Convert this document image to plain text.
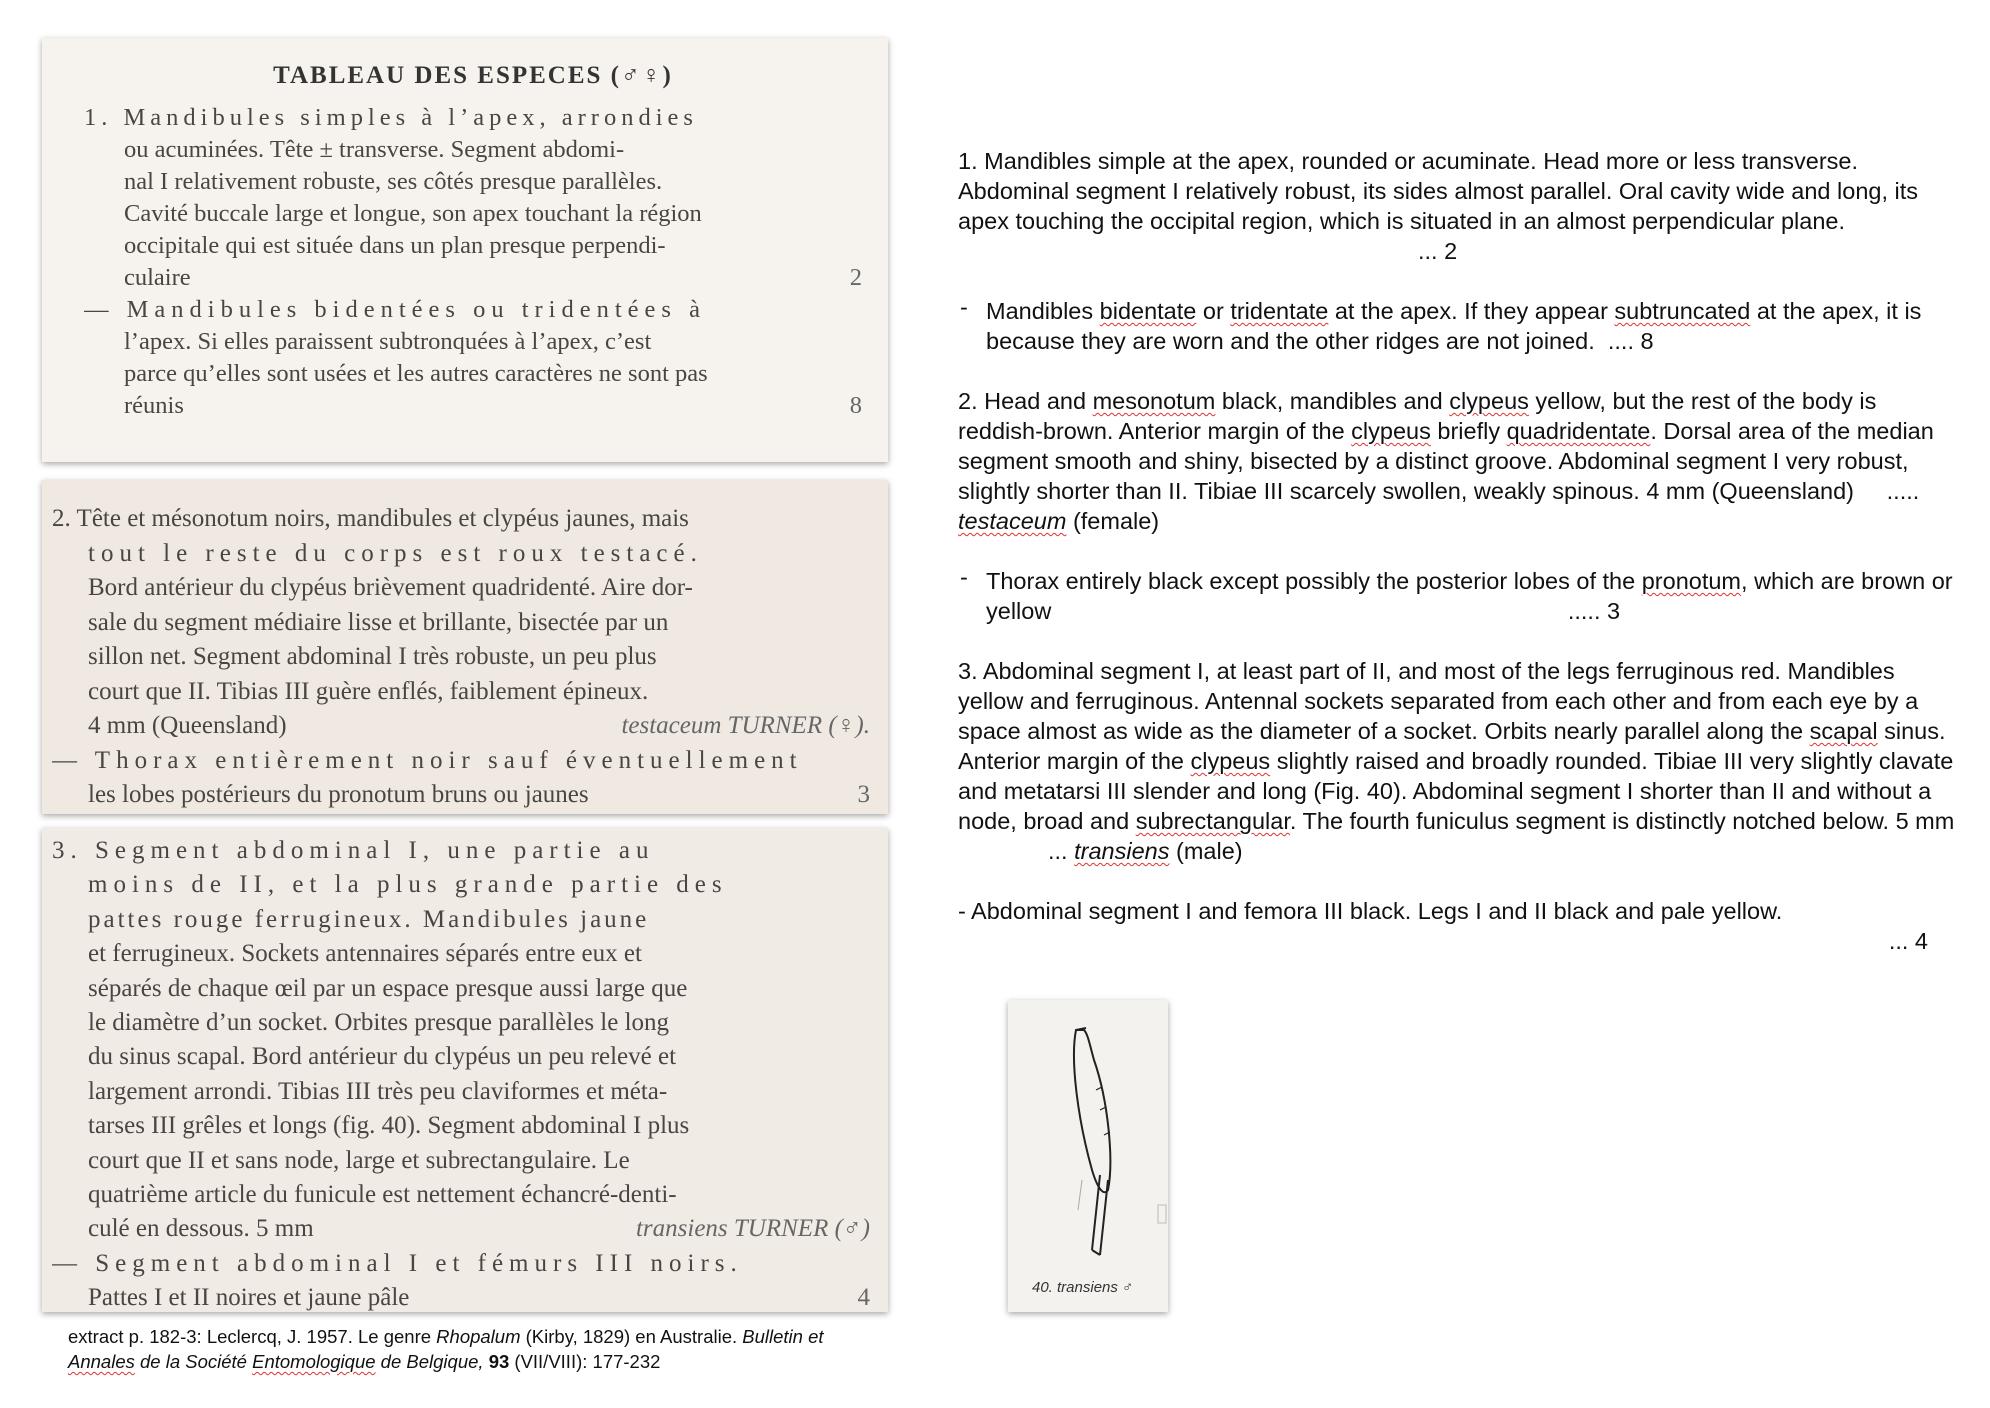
TABLEAU DES ESPECES (♂♀)
1. Mandibules simples à l’apex, arrondies
ou acuminées. Tête ± transverse. Segment abdomi-
nal I relativement robuste, ses côtés presque parallèles.
Cavité buccale large et longue, son apex touchant la région
occipitale qui est située dans un plan presque perpendi-
culaire	2
— Mandibules bidentées ou tridentées à
l’apex. Si elles paraissent subtronquées à l’apex, c’est
parce qu’elles sont usées et les autres caractères ne sont pas
réunis	8
2. Tête et mésonotum noirs, mandibules et clypéus jaunes, mais
tout le reste du corps est roux testacé.
Bord antérieur du clypéus brièvement quadridenté. Aire dor-
sale du segment médiaire lisse et brillante, bisectée par un
sillon net. Segment abdominal I très robuste, un peu plus
court que II. Tibias III guère enflés, faiblement épineux.
4 mm (Queensland)	testaceum TURNER (♀).
— Thorax entièrement noir sauf éventuellement
les lobes postérieurs du pronotum bruns ou jaunes	3
3. Segment abdominal I, une partie au
moins de II, et la plus grande partie des
pattes rouge ferrugineux. Mandibules jaune
et ferrugineux. Sockets antennaires séparés entre eux et
séparés de chaque œil par un espace presque aussi large que
le diamètre d’un socket. Orbites presque parallèles le long
du sinus scapal. Bord antérieur du clypéus un peu relevé et
largement arrondi. Tibias III très peu claviformes et méta-
tarses III grêles et longs (fig. 40). Segment abdominal I plus
court que II et sans node, large et subrectangulaire. Le
quatrième article du funicule est nettement échancré-denti-
culé en dessous. 5 mm	transiens TURNER (♂)
— Segment abdominal I et fémurs III noirs.
Pattes I et II noires et jaune pâle	4
extract p. 182-3: Leclercq, J. 1957. Le genre Rhopalum (Kirby, 1829) en Australie. Bulletin et
Annales de la Société Entomologique de Belgique, 93 (VII/VIII): 177-232

1. Mandibles simple at the apex, rounded or acuminate. Head more or less transverse. Abdominal segment I relatively robust, its sides almost parallel. Oral cavity wide and long, its apex touching the occipital region, which is situated in an almost perpendicular plane. ... 2

- Mandibles bidentate or tridentate at the apex. If they appear subtruncated at the apex, it is because they are worn and the other ridges are not joined. .... 8

2. Head and mesonotum black, mandibles and clypeus yellow, but the rest of the body is reddish-brown. Anterior margin of the clypeus briefly quadridentate. Dorsal area of the median segment smooth and shiny, bisected by a distinct groove. Abdominal segment I very robust, slightly shorter than II. Tibiae III scarcely swollen, weakly spinous. 4 mm (Queensland) ..... testaceum (female)

- Thorax entirely black except possibly the posterior lobes of the pronotum, which are brown or yellow	..... 3

3. Abdominal segment I, at least part of II, and most of the legs ferruginous red. Mandibles yellow and ferruginous. Antennal sockets separated from each other and from each eye by a space almost as wide as the diameter of a socket. Orbits nearly parallel along the scapal sinus. Anterior margin of the clypeus slightly raised and broadly rounded. Tibiae III very slightly clavate and metatarsi III slender and long (Fig. 40). Abdominal segment I shorter than II and without a node, broad and subrectangular. The fourth funiculus segment is distinctly notched below. 5 mm
... transiens (male)

- Abdominal segment I and femora III black. Legs I and II black and pale yellow.

... 4

40. transiens ♂
